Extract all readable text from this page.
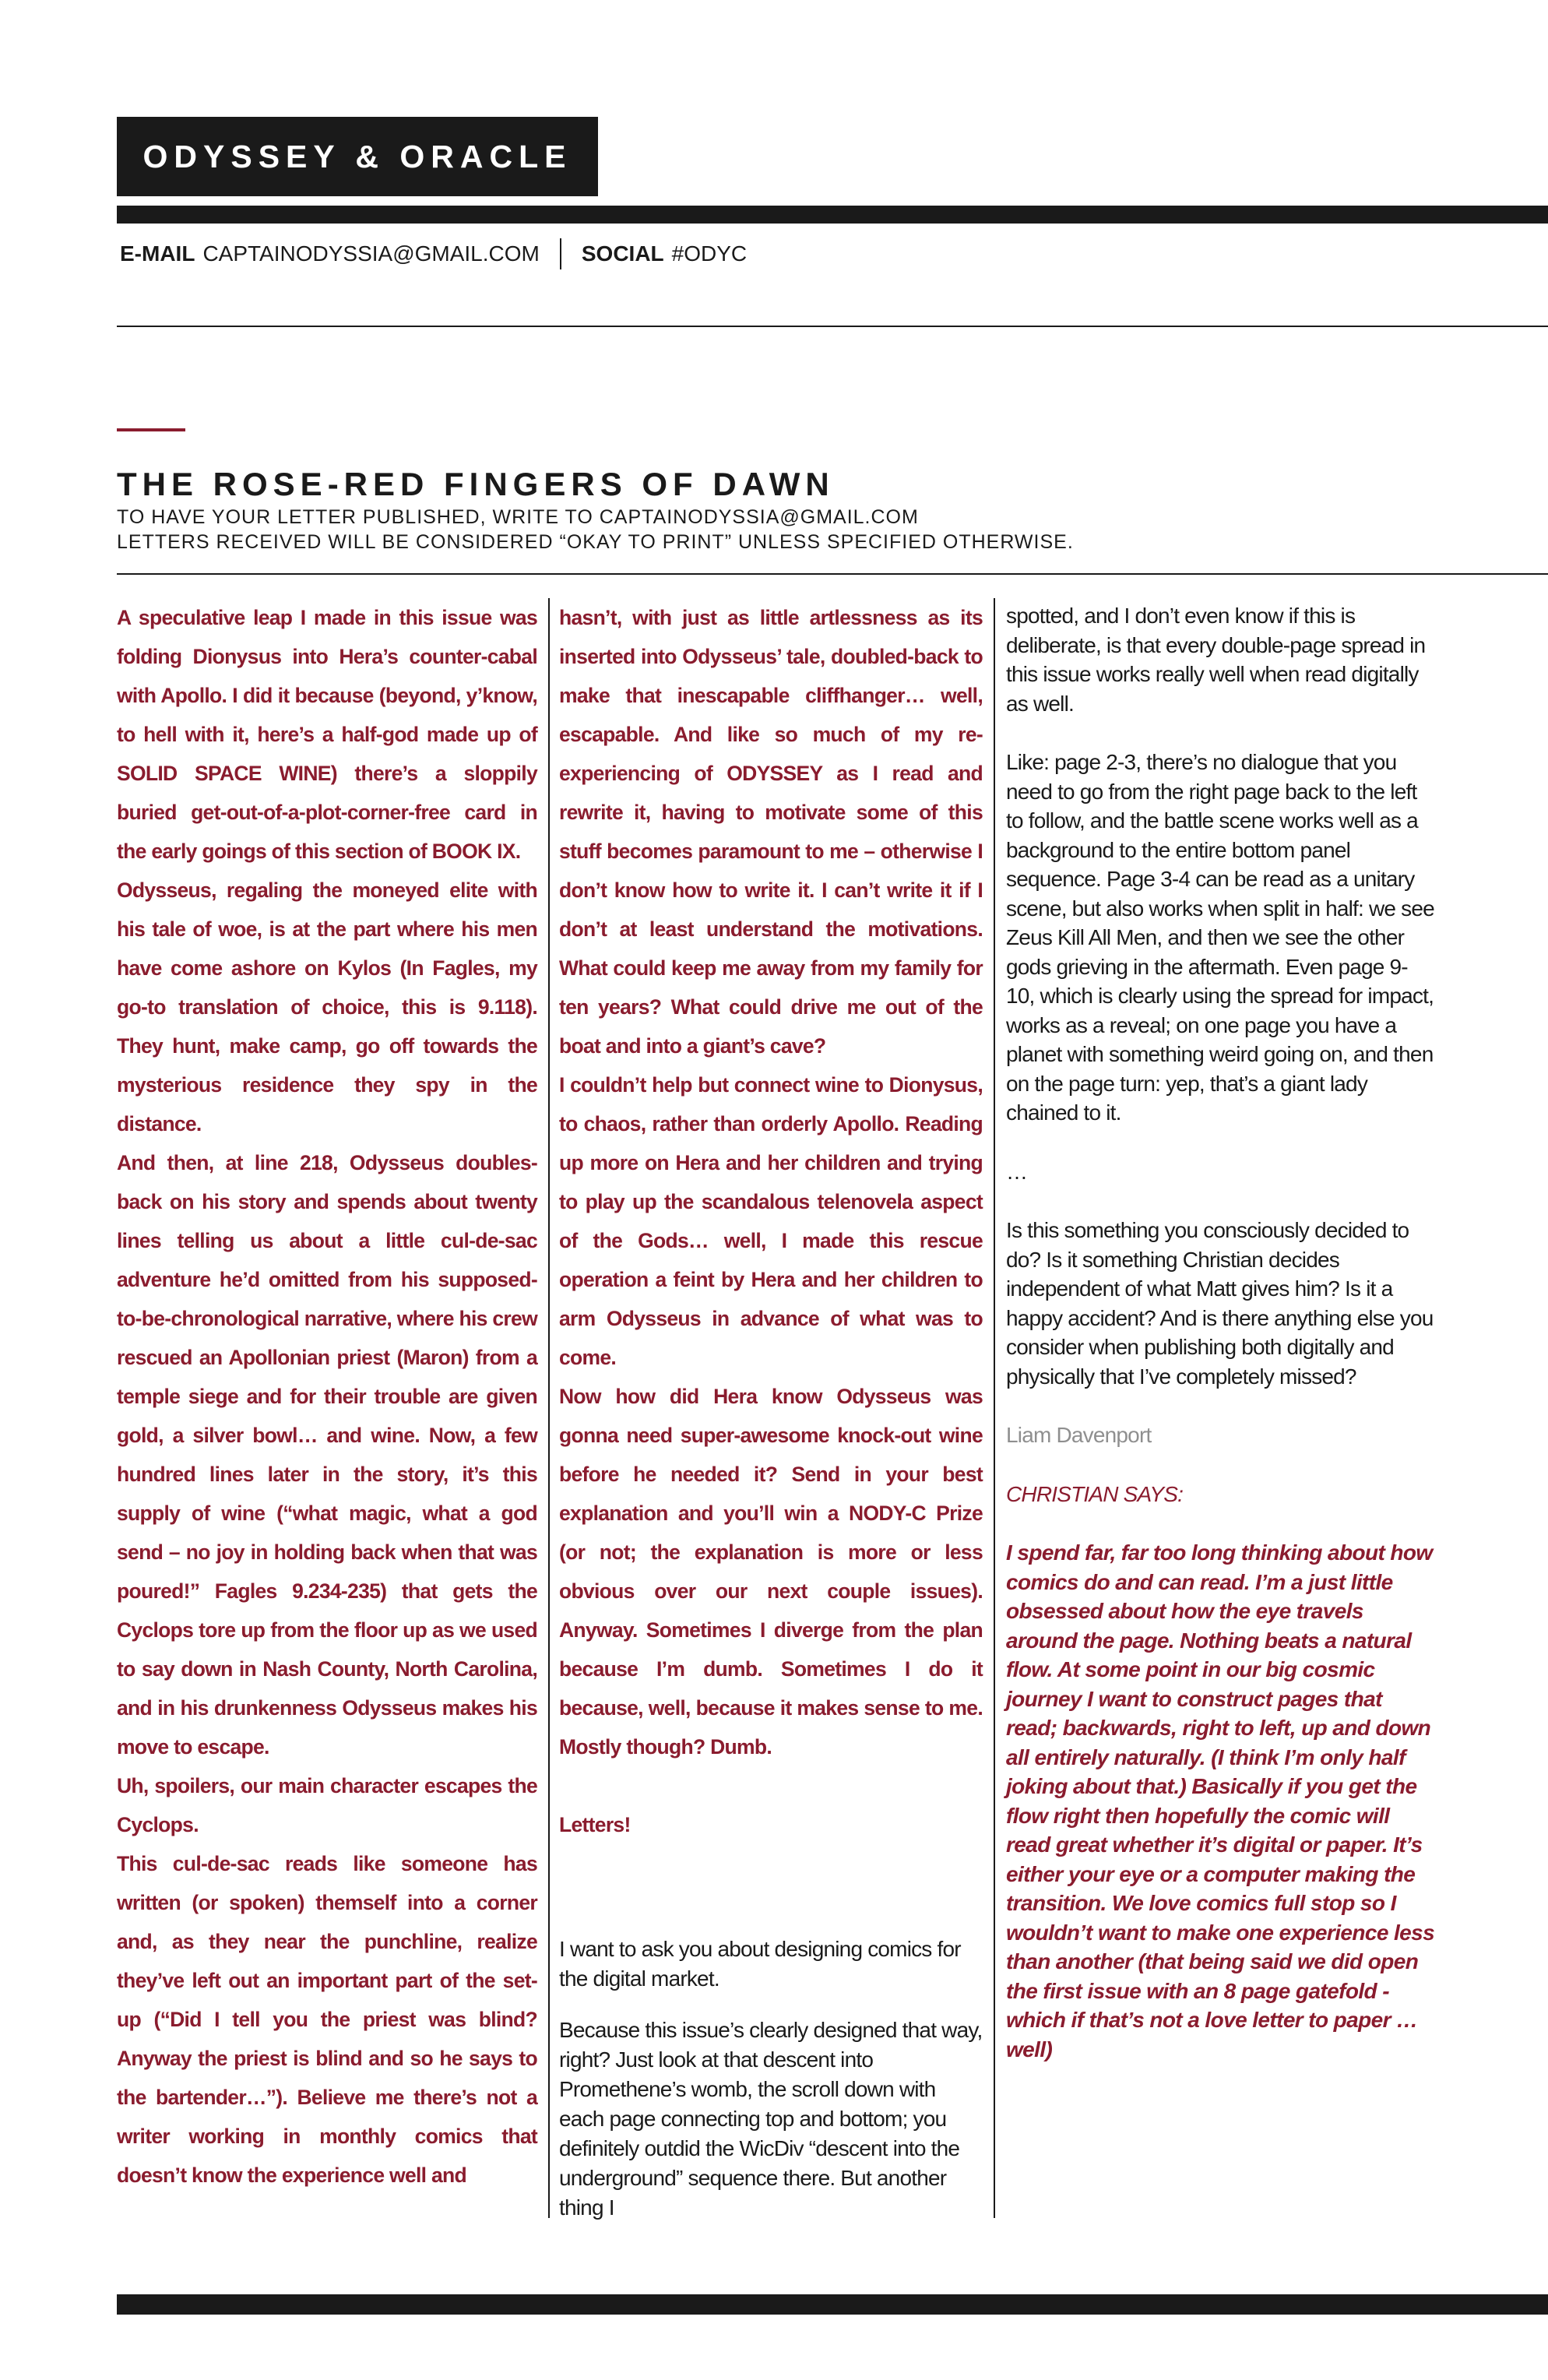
ODYSSEY & ORACLE
E-MAIL CAPTAINODYSSIA@GMAIL.COM SOCIAL #ODYC
THE ROSE-RED FINGERS OF DAWN
TO HAVE YOUR LETTER PUBLISHED, WRITE TO CAPTAINODYSSIA@GMAIL.COM
LETTERS RECEIVED WILL BE CONSIDERED “OKAY TO PRINT” UNLESS SPECIFIED OTHERWISE.

A speculative leap I made in this issue was folding Dionysus into Hera’s counter-cabal with Apollo. I did it because (beyond, y’know, to hell with it, here’s a half-god made up of SOLID SPACE WINE) there’s a sloppily buried get-out-of-a-plot-corner-free card in the early goings of this section of BOOK IX.

Odysseus, regaling the moneyed elite with his tale of woe, is at the part where his men have come ashore on Kylos (In Fagles, my go-to translation of choice, this is 9.118). They hunt, make camp, go off towards the mysterious residence they spy in the distance.

And then, at line 218, Odysseus doubles-back on his story and spends about twenty lines telling us about a little cul-de-sac adventure he’d omitted from his supposed-to-be-chronological narrative, where his crew rescued an Apollonian priest (Maron) from a temple siege and for their trouble are given gold, a silver bowl… and wine. Now, a few hundred lines later in the story, it’s this supply of wine (“what magic, what a god send – no joy in holding back when that was poured!” Fagles 9.234-235) that gets the Cyclops tore up from the floor up as we used to say down in Nash County, North Carolina, and in his drunkenness Odysseus makes his move to escape.

Uh, spoilers, our main character escapes the Cyclops.

This cul-de-sac reads like someone has written (or spoken) themself into a corner and, as they near the punchline, realize they’ve left out an important part of the set-up (“Did I tell you the priest was blind? Anyway the priest is blind and so he says to the bartender…”). Believe me there’s not a writer working in monthly comics that doesn’t know the experience well and

hasn’t, with just as little artlessness as its inserted into Odysseus’ tale, doubled-back to make that inescapable cliffhanger… well, escapable. And like so much of my re-experiencing of ODYSSEY as I read and rewrite it, having to motivate some of this stuff becomes paramount to me – otherwise I don’t know how to write it. I can’t write it if I don’t at least understand the motivations. What could keep me away from my family for ten years? What could drive me out of the boat and into a giant’s cave?

I couldn’t help but connect wine to Dionysus, to chaos, rather than orderly Apollo. Reading up more on Hera and her children and trying to play up the scandalous telenovela aspect of the Gods… well, I made this rescue operation a feint by Hera and her children to arm Odysseus in advance of what was to come.

Now how did Hera know Odysseus was gonna need super-awesome knock-out wine before he needed it? Send in your best explanation and you’ll win a NODY-C Prize (or not; the explanation is more or less obvious over our next couple issues). Anyway. Sometimes I diverge from the plan because I’m dumb. Sometimes I do it because, well, because it makes sense to me. Mostly though? Dumb.

Letters!

I want to ask you about designing comics for the digital market.

Because this issue’s clearly designed that way, right? Just look at that descent into Promethene’s womb, the scroll down with each page connecting top and bottom; you definitely outdid the WicDiv “descent into the underground” sequence there. But another thing I

spotted, and I don’t even know if this is deliberate, is that every double-page spread in this issue works really well when read digitally as well.

Like: page 2-3, there’s no dialogue that you need to go from the right page back to the left to follow, and the battle scene works well as a background to the entire bottom panel sequence. Page 3-4 can be read as a unitary scene, but also works when split in half: we see Zeus Kill All Men, and then we see the other gods grieving in the aftermath. Even page 9-10, which is clearly using the spread for impact, works as a reveal; on one page you have a planet with something weird going on, and then on the page turn: yep, that’s a giant lady chained to it.

…

Is this something you consciously decided to do? Is it something Christian decides independent of what Matt gives him? Is it a happy accident? And is there anything else you consider when publishing both digitally and physically that I’ve completely missed?

Liam Davenport

CHRISTIAN SAYS:

I spend far, far too long thinking about how comics do and can read. I’m a just little obsessed about how the eye travels around the page. Nothing beats a natural flow. At some point in our big cosmic journey I want to construct pages that read; backwards, right to left, up and down all entirely naturally. (I think I’m only half joking about that.) Basically if you get the flow right then hopefully the comic will read great whether it’s digital or paper. It’s either your eye or a computer making the transition. We love comics full stop so I wouldn’t want to make one experience less than another (that being said we did open the first issue with an 8 page gatefold - which if that’s not a love letter to paper …well)
